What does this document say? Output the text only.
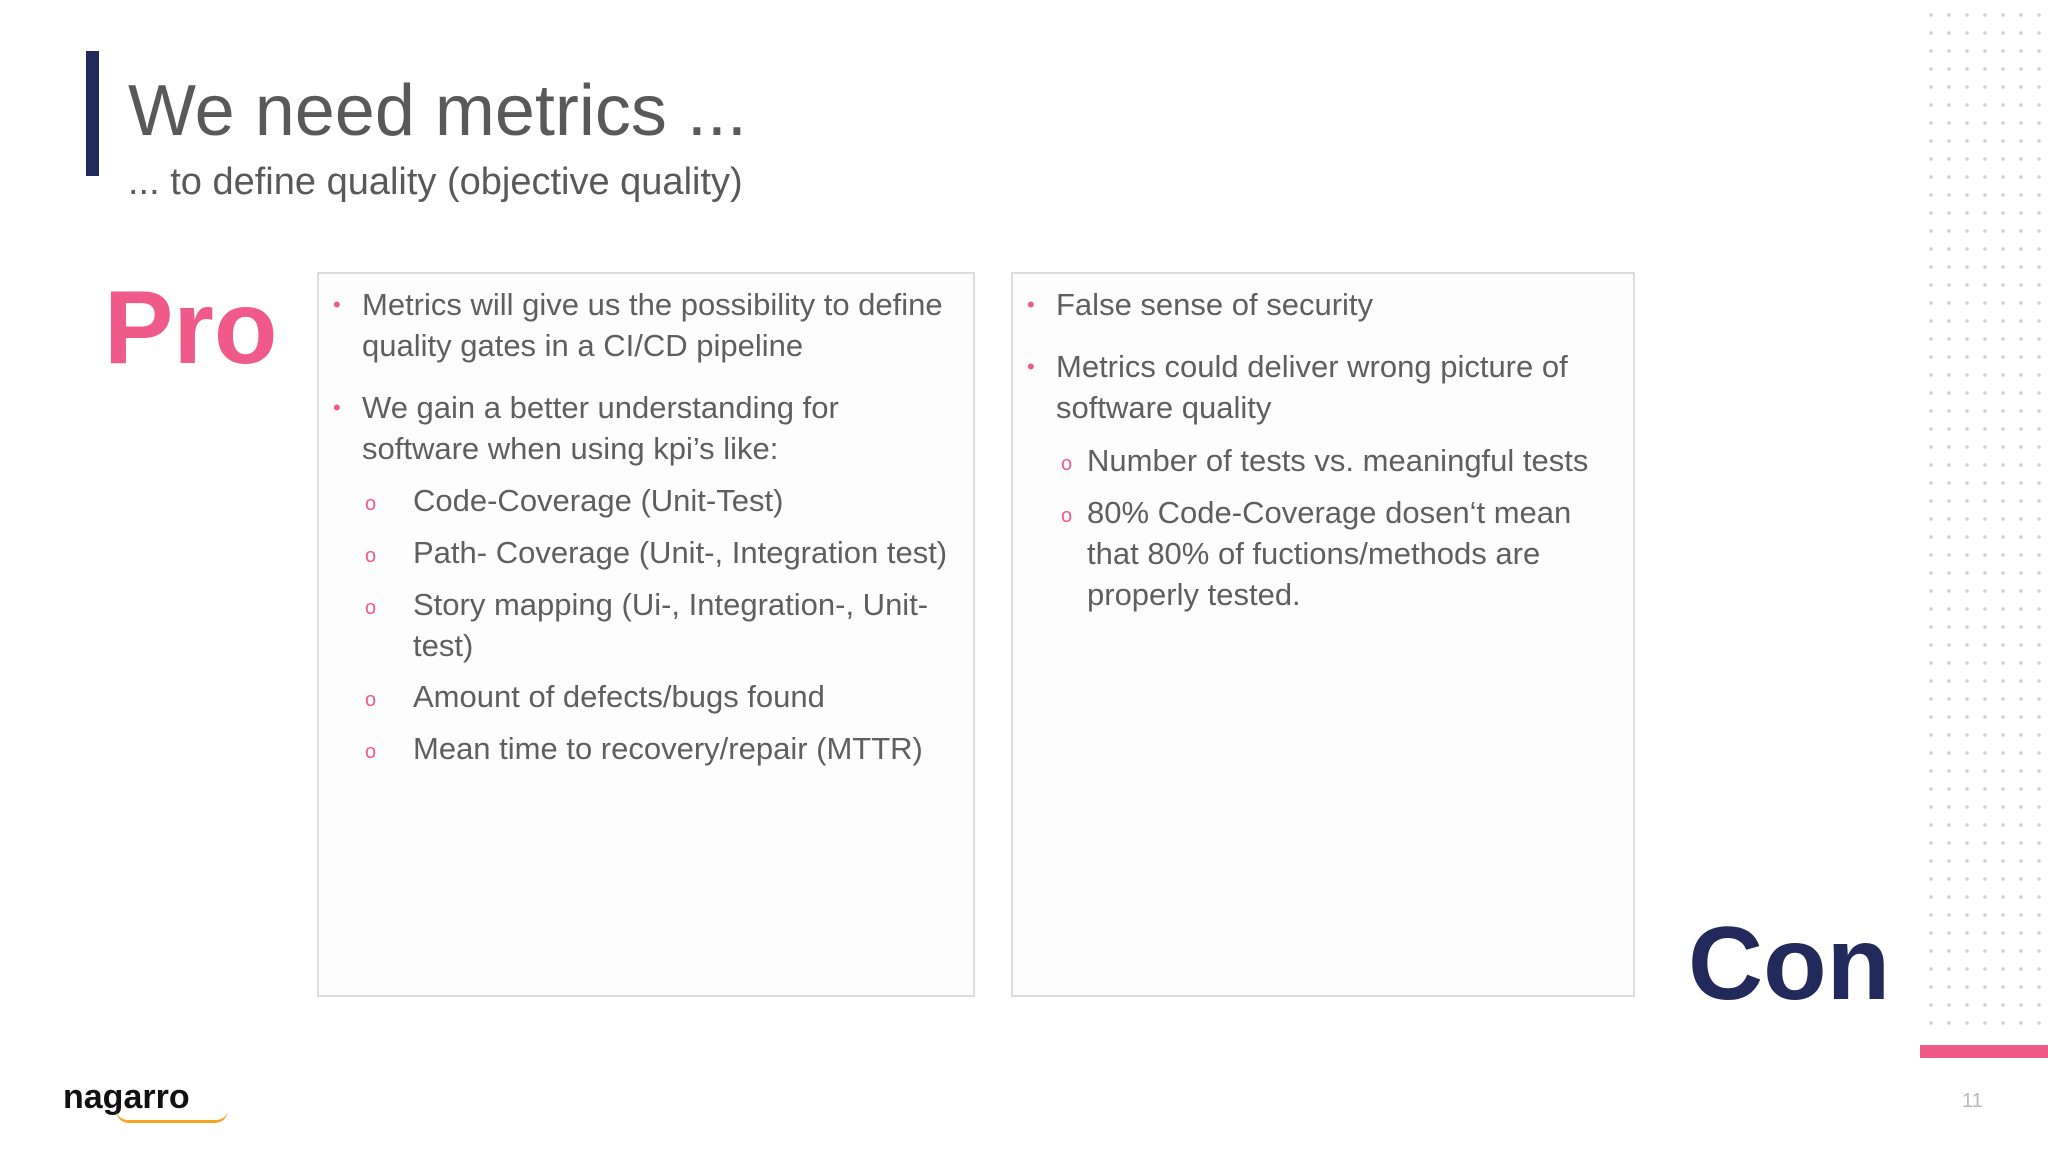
We need metrics ...
... to define quality (objective quality)
Pro	• Metrics will give us the possibility to define
quality gates in a CI/CD pipeline
• We gain a better understanding for
software when using kpi’s like:
o Code-Coverage (Unit-Test)
o Path- Coverage (Unit-, Integration test)
o Story mapping (Ui-, Integration-, Unit-
test)
o Amount of defects/bugs found
o Mean time to recovery/repair (MTTR)
• False sense of security
• Metrics could deliver wrong picture of
software quality
o Number of tests vs. meaningful tests
o 80% Code-Coverage dosen‘t mean
that 80% of fuctions/methods are
properly tested.
Con
nagarro	11
